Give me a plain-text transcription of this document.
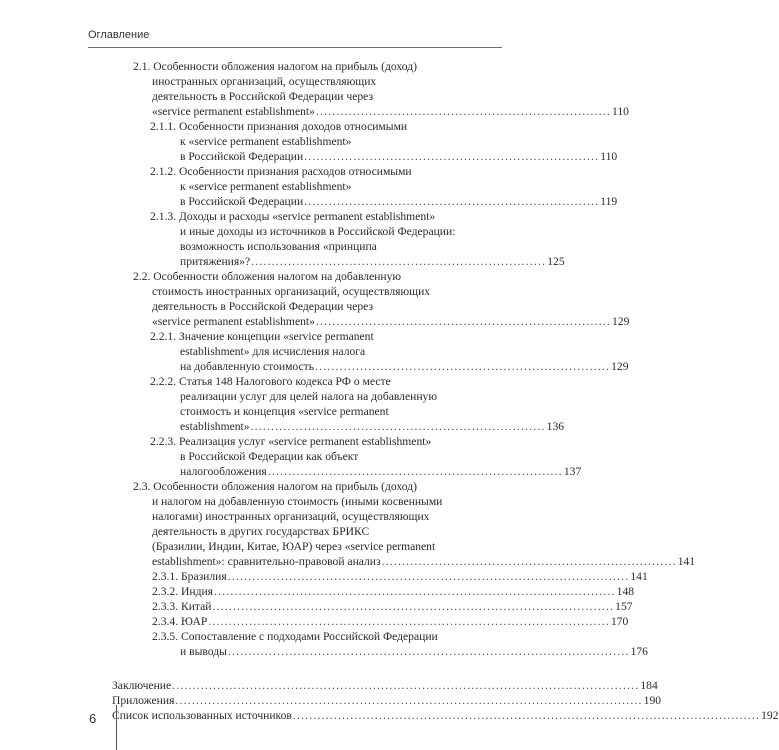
Оглавление
2.1. Особенности обложения налогом на прибыль (доход)
иностранных организаций, осуществляющих
деятельность в Российской Федерации через
«service permanent establishment» ........................................................................ 110
2.1.1. Особенности признания доходов относимыми
к «service permanent establishment»
в Российской Федерации ........................................................................ 110
2.1.2. Особенности признания расходов относимыми
к «service permanent establishment»
в Российской Федерации ........................................................................ 119
2.1.3. Доходы и расходы «service permanent establishment»
и иные доходы из источников в Российской Федерации:
возможность использования «принципа
притяжения»? ........................................................................ 125
2.2. Особенности обложения налогом на добавленную
стоимость иностранных организаций, осуществляющих
деятельность в Российской Федерации через
«service permanent establishment» ........................................................................ 129
2.2.1. Значение концепции «service permanent
establishment» для исчисления налога
на добавленную стоимость ........................................................................ 129
2.2.2. Статья 148 Налогового кодекса РФ о месте
реализации услуг для целей налога на добавленную
стоимость и концепция «service permanent
establishment» ........................................................................ 136
2.2.3. Реализация услуг «service permanent establishment»
в Российской Федерации как объект
налогообложения ........................................................................ 137
2.3. Особенности обложения налогом на прибыль (доход)
и налогом на добавленную стоимость (иными косвенными
налогами) иностранных организаций, осуществляющих
деятельность в других государствах БРИКС
(Бразилии, Индии, Китае, ЮАР) через «service permanent
establishment»: сравнительно-правовой анализ ........................................................................ 141
2.3.1. Бразилия .................................................................................................. 141
2.3.2. Индия .................................................................................................. 148
2.3.3. Китай .................................................................................................. 157
2.3.4. ЮАР .................................................................................................. 170
2.3.5. Сопоставление с подходами Российской Федерации
и выводы .................................................................................................. 176
Заключение .................................................................................................................. 184
Приложения .................................................................................................................. 190
Список использованных источников .................................................................................................................. 192
6
